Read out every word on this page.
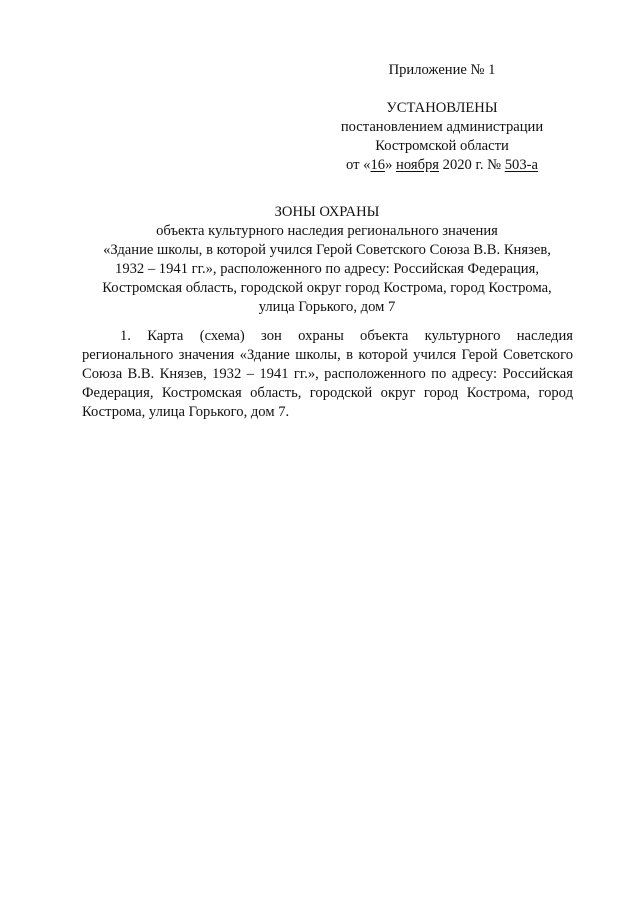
Приложение № 1
УСТАНОВЛЕНЫ
постановлением администрации
Костромской области
от «16» ноября 2020 г. № 503-а
ЗОНЫ ОХРАНЫ
объекта культурного наследия регионального значения
«Здание школы, в которой учился Герой Советского Союза В.В. Князев,
1932 – 1941 гг.», расположенного по адресу: Российская Федерация,
Костромская область, городской округ город Кострома, город Кострома,
улица Горького, дом 7
1. Карта (схема) зон охраны объекта культурного наследия регионального значения «Здание школы, в которой учился Герой Советского Союза В.В. Князев, 1932 – 1941 гг.», расположенного по адресу: Российская Федерация, Костромская область, городской округ город Кострома, город Кострома, улица Горького, дом 7.
